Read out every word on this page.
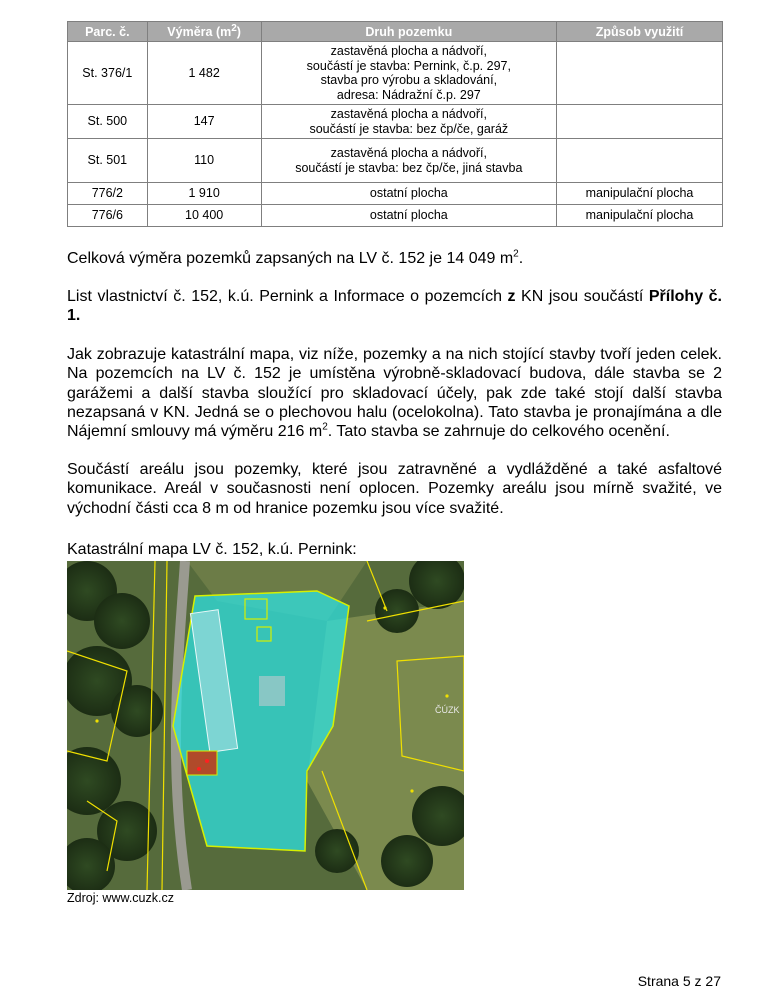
Parc. č.	Výměra $(m^2)$	Druh pozemku	Způsob využití
St. 376/1	1 482	zastavěná plocha a nádvoří,
součástí je stavba: Pernink, č.p. 297,
stavba pro výrobu a skladování,
adresa: Nádražní č.p. 297	
St. 500	147	zastavěná plocha a nádvoří,
součástí je stavba: bez čp/če, garáž	
St. 501	110	zastavěná plocha a nádvoří,
součástí je stavba: bez čp/če, jiná stavba	
776/2	1 910	ostatní plocha	manipulační plocha
776/6	10 400	ostatní plocha	manipulační plocha

Celková výměra pozemků zapsaných na LV č. 152 je 14 049 $m^2$.

List vlastnictví č. 152, k.ú. Pernink a Informace o pozemcích z KN jsou součástí Přílohy č. 1.

Jak zobrazuje katastrální mapa, viz níže, pozemky a na nich stojící stavby tvoří jeden celek. Na pozemcích na LV č. 152 je umístěna výrobně-skladovací budova, dále stavba se 2 garážemi a další stavba sloužící pro skladovací účely, pak zde také stojí další stavba nezapsaná v KN. Jedná se o plechovou halu (ocelokolna). Tato stavba je pronajímána a dle Nájemní smlouvy má výměru 216 $m^2$. Tato stavba se zahrnuje do celkového ocenění.

Součástí areálu jsou pozemky, které jsou zatravněné a vydlážděné a také asfaltové komunikace. Areál v současnosti není oplocen. Pozemky areálu jsou mírně svažité, ve východní části cca 8 m od hranice pozemku jsou více svažité.

Katastrální mapa LV č. 152, k.ú. Pernink:

ČÚZK

Zdroj: www.cuzk.cz

Strana 5 z 27
